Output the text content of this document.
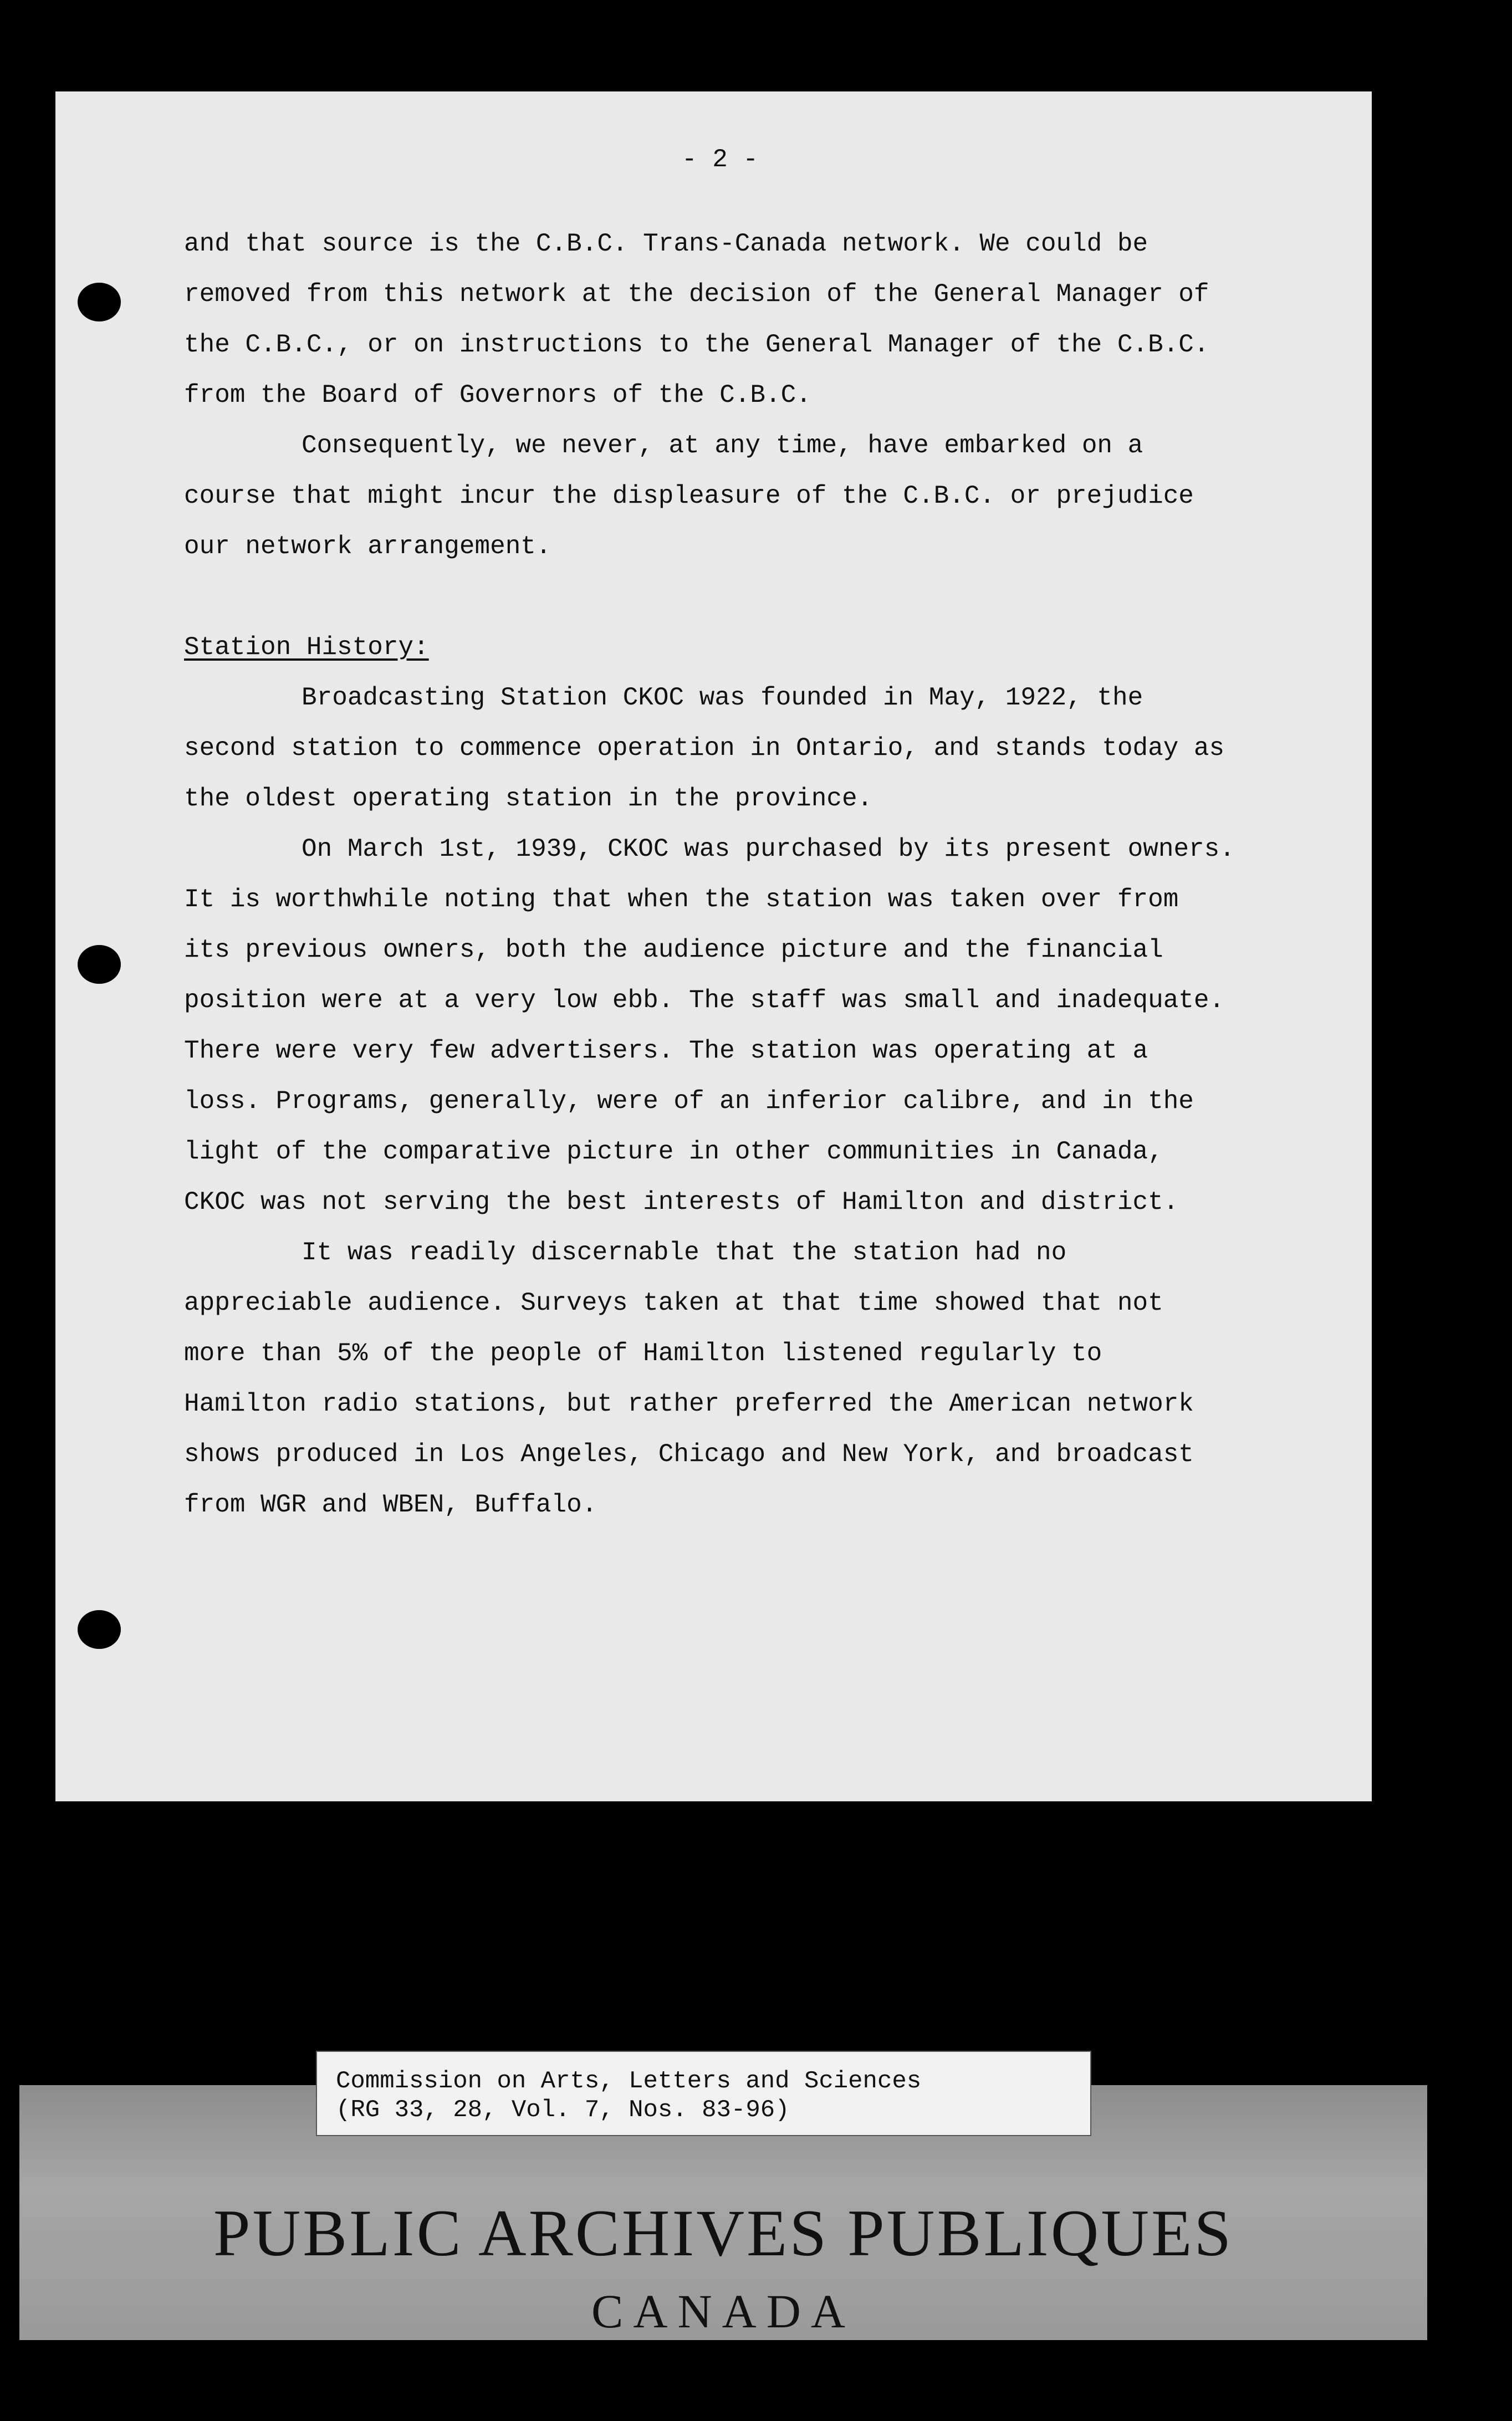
- 2 -

and that source is the C.B.C. Trans-Canada network. We could be removed from this network at the decision of the General Manager of the C.B.C., or on instructions to the General Manager of the C.B.C. from the Board of Governors of the C.B.C.

Consequently, we never, at any time, have embarked on a course that might incur the displeasure of the C.B.C. or prejudice our network arrangement.

Station History:

Broadcasting Station CKOC was founded in May, 1922, the second station to commence operation in Ontario, and stands today as the oldest operating station in the province.

On March 1st, 1939, CKOC was purchased by its present owners. It is worthwhile noting that when the station was taken over from its previous owners, both the audience picture and the financial position were at a very low ebb. The staff was small and inadequate. There were very few advertisers. The station was operating at a loss. Programs, generally, were of an inferior calibre, and in the light of the comparative picture in other communities in Canada, CKOC was not serving the best interests of Hamilton and district.

It was readily discernable that the station had no appreciable audience. Surveys taken at that time showed that not more than 5% of the people of Hamilton listened regularly to Hamilton radio stations, but rather preferred the American network shows produced in Los Angeles, Chicago and New York, and broadcast from WGR and WBEN, Buffalo.

Commission on Arts, Letters and Sciences
(RG 33, 28, Vol. 7, Nos. 83-96)
PUBLIC ARCHIVES PUBLIQUES
CANADA
